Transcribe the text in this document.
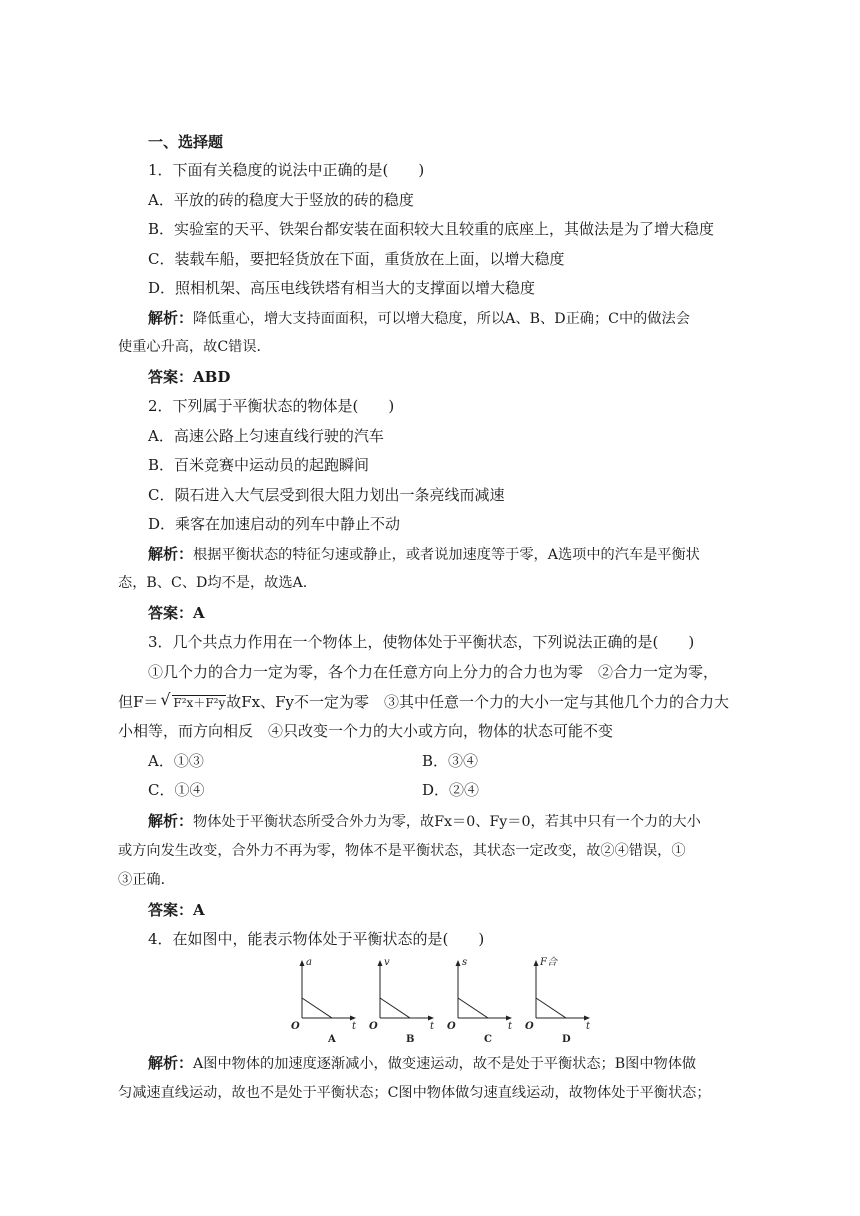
一、选择题
1．下面有关稳度的说法中正确的是(　　)
A．平放的砖的稳度大于竖放的砖的稳度
B．实验室的天平、铁架台都安装在面积较大且较重的底座上，其做法是为了增大稳度
C．装载车船，要把轻货放在下面，重货放在上面，以增大稳度
D．照相机架、高压电线铁塔有相当大的支撑面以增大稳度
解析：降低重心，增大支持面面积，可以增大稳度，所以A、B、D正确；C中的做法会
使重心升高，故C错误．
答案：ABD
2．下列属于平衡状态的物体是(　　)
A．高速公路上匀速直线行驶的汽车
B．百米竞赛中运动员的起跑瞬间
C．陨石进入大气层受到很大阻力划出一条亮线而减速
D．乘客在加速启动的列车中静止不动
解析：根据平衡状态的特征匀速或静止，或者说加速度等于零，A选项中的汽车是平衡状
态，B、C、D均不是，故选A.
答案：A
3．几个共点力作用在一个物体上，使物体处于平衡状态，下列说法正确的是(　　)
①几个力的合力一定为零，各个力在任意方向上分力的合力也为零　②合力一定为零，
但F＝√ F²x＋F²y故Fx、Fy不一定为零　③其中任意一个力的大小一定与其他几个力的合力大
小相等，而方向相反　④只改变一个力的大小或方向，物体的状态可能不变
A．①③	B．③④
C．①④	D．②④
解析：物体处于平衡状态所受合外力为零，故Fx＝0、Fy＝0，若其中只有一个力的大小
或方向发生改变，合外力不再为零，物体不是平衡状态，其状态一定改变，故②④错误，①
③正确．
答案：A
4．在如图中，能表示物体处于平衡状态的是(　　)
a
t
O
A
v
t
O
B
s
t
O
C
F合
t
O
D
解析：A图中物体的加速度逐渐减小，做变速运动，故不是处于平衡状态；B图中物体做
匀减速直线运动，故也不是处于平衡状态；C图中物体做匀速直线运动，故物体处于平衡状态；
